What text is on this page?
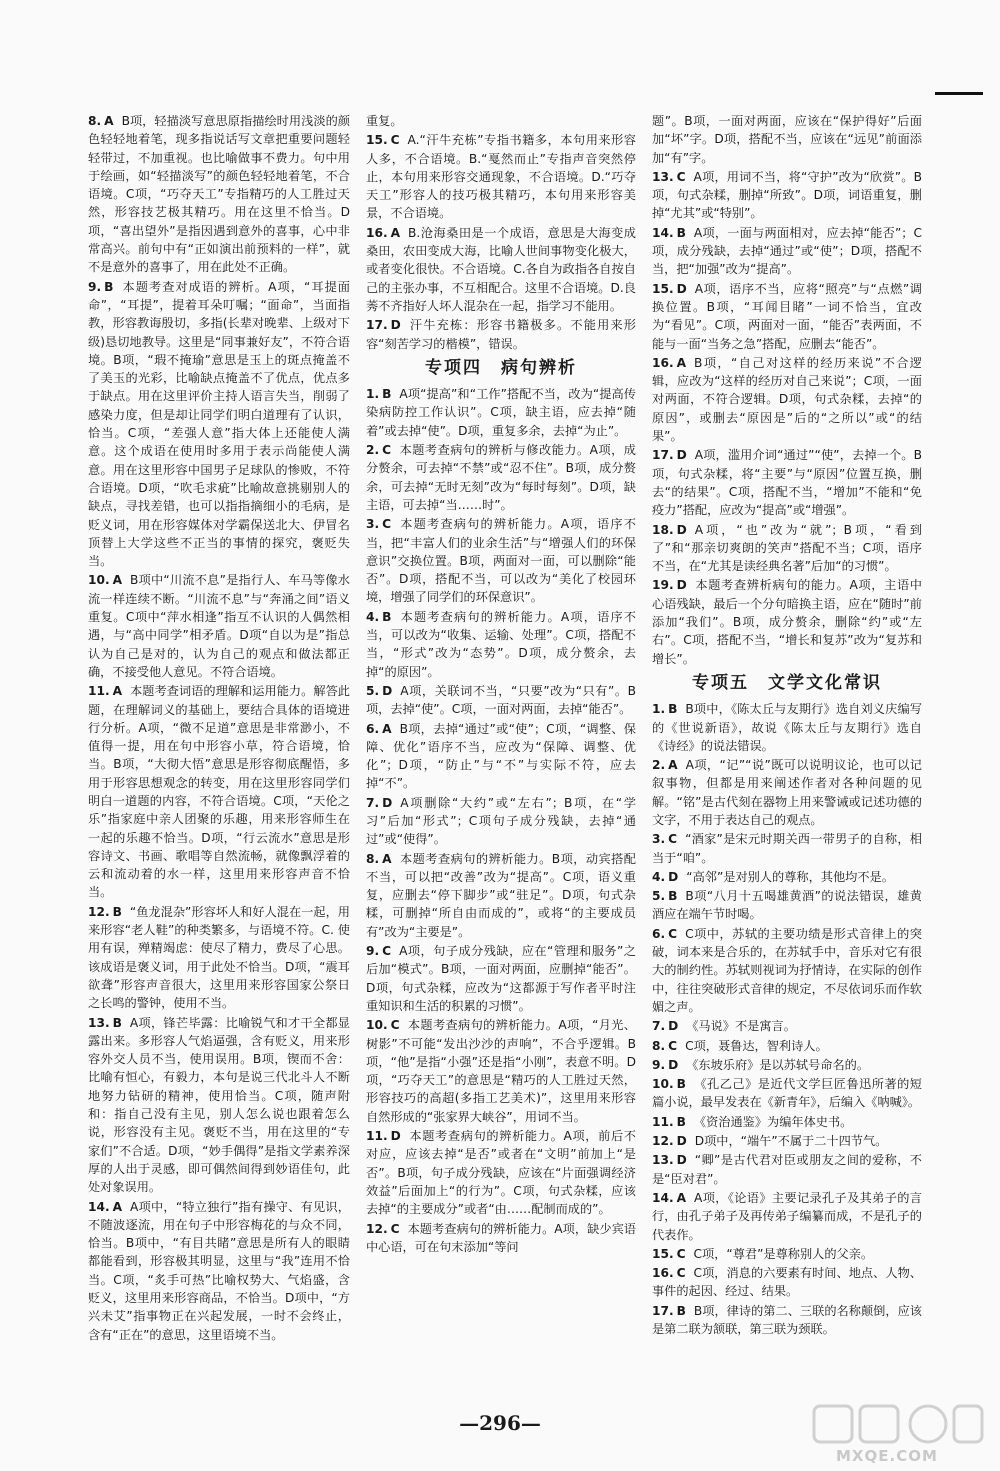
8. A B项，轻描淡写意思原指描绘时用浅淡的颜色轻轻地着笔，现多指说话写文章把重要问题轻轻带过，不加重视。也比喻做事不费力。句中用于绘画，如“轻描淡写”的颜色轻轻地着笔，不合语境。C项，“巧夺天工”专指精巧的人工胜过天然，形容技艺极其精巧。用在这里不恰当。D项，“喜出望外”是指因遇到意外的喜事，心中非常高兴。前句中有“正如演出前预料的一样”，就不是意外的喜事了，用在此处不正确。

9. B 本题考查对成语的辨析。A项，“耳提面命”，“耳提”，提着耳朵叮嘱；“面命”，当面指教，形容教诲殷切，多指(长辈对晚辈、上级对下级)恳切地教导。这里是“同事兼好友”，不符合语境。B项，“瑕不掩瑜”意思是玉上的斑点掩盖不了美玉的光彩，比喻缺点掩盖不了优点，优点多于缺点。用在这里评价主持人语言失当，削弱了感染力度，但是却让同学们明白道理有了认识，恰当。C项，“差强人意”指大体上还能使人满意。这个成语在使用时多用于表示尚能使人满意。用在这里形容中国男子足球队的惨败，不符合语境。D项，“吹毛求疵”比喻故意挑剔别人的缺点，寻找差错，也可以指指摘细小的毛病，是贬义词，用在形容媒体对学霸保送北大、伊冒名顶替上大学这些不正当的事情的探究，褒贬失当。

10. A B项中“川流不息”是指行人、车马等像水流一样连续不断。“川流不息”与“奔涌之间”语义重复。C项中“萍水相逢”指互不认识的人偶然相遇，与“高中同学”相矛盾。D项“自以为是”指总认为自己是对的，认为自己的观点和做法都正确，不接受他人意见。不符合语境。

11. A 本题考查词语的理解和运用能力。解答此题，在理解词义的基础上，要结合具体的语境进行分析。A项，“微不足道”意思是非常渺小，不值得一提，用在句中形容小草，符合语境，恰当。B项，“大彻大悟”意思是形容彻底醒悟，多用于形容思想观念的转变，用在这里形容同学们明白一道题的内容，不符合语境。C项，“天伦之乐”指家庭中亲人团聚的乐趣，用来形容师生在一起的乐趣不恰当。D项，“行云流水”意思是形容诗文、书画、歌唱等自然流畅，就像飘浮着的云和流动着的水一样，这里用来形容声音不恰当。

12. B “鱼龙混杂”形容坏人和好人混在一起，用来形容“老人鞋”的种类繁多，与语境不符。C. 使用有误，殚精竭虑：使尽了精力，费尽了心思。该成语是褒义词，用于此处不恰当。D项，“震耳欲聋”形容声音很大，这里用来形容国家公祭日之长鸣的警钟，使用不当。

13. B A项，锋芒毕露：比喻锐气和才干全都显露出来。多形容人气焰逼强，含有贬义，用来形容外交人员不当，使用误用。B项，锲而不舍：比喻有恒心，有毅力，本句是说三代北斗人不断地努力钻研的精神，使用恰当。C项，随声附和：指自己没有主见，别人怎么说也跟着怎么说，形容没有主见。褒贬不当，用在这里的“专家们”不合适。D项，“妙手偶得”是指文学素养深厚的人出于灵感，即可偶然间得到妙语佳句，此处对象误用。

14. A A项中，“特立独行”指有操守、有见识，不随波逐流，用在句子中形容梅花的与众不同，恰当。B项中，“有目共睹”意思是所有人的眼睛都能看到，形容极其明显，这里与“我”连用不恰当。C项，“炙手可热”比喻权势大、气焰盛，含贬义，这里用来形容商品，不恰当。D项中，“方兴未艾”指事物正在兴起发展，一时不会终止，含有“正在”的意思，这里语境不当。

重复。

15. C A.“汗牛充栋”专指书籍多，本句用来形容人多，不合语境。B.“戛然而止”专指声音突然停止，本句用来形容交通现象，不合语境。D.“巧夺天工”形容人的技巧极其精巧，本句用来形容美景，不合语境。

16. A B.沧海桑田是一个成语，意思是大海变成桑田，农田变成大海，比喻人世间事物变化极大，或者变化很快。不合语境。C.各自为政指各自按自己的主张办事，不互相配合。这里不合语境。D.良莠不齐指好人坏人混杂在一起，指学习不能用。

17. D 汗牛充栋：形容书籍极多。不能用来形容“刻苦学习的楷模”，错误。

专项四　病句辨析

1. B A项“提高”和“工作”搭配不当，改为“提高传染病防控工作认识”。C项，缺主语，应去掉“随着”或去掉“使”。D项，重复多余，去掉“为止”。

2. C 本题考查病句的辨析与修改能力。A项，成分赘余，可去掉“不禁”或“忍不住”。B项，成分赘余，可去掉“无时无刻”改为“每时每刻”。D项，缺主语，可去掉“当……时”。

3. C 本题考查病句的辨析能力。A项，语序不当，把“丰富人们的业余生活”与“增强人们的环保意识”交换位置。B项，两面对一面，可以删除“能否”。D项，搭配不当，可以改为“美化了校园环境，增强了同学们的环保意识”。

4. B 本题考查病句的辨析能力。A项，语序不当，可以改为“收集、运输、处理”。C项，搭配不当，“形式”改为“态势”。D项，成分赘余，去掉“的原因”。

5. D A项，关联词不当，“只要”改为“只有”。B项，去掉“使”。C项，一面对两面，去掉“能否”。

6. A B项，去掉“通过”或“使”；C项，“调整、保障、优化”语序不当，应改为“保障、调整、优化”；D项，“防止”与“不”与实际不符，应去掉“不”。

7. D A项删除“大约”或“左右”；B项，在“学习”后加“形式”；C项句子成分残缺，去掉“通过”或“使得”。

8. A 本题考查病句的辨析能力。B项，动宾搭配不当，可以把“改善”改为“提高”。C项，语义重复，应删去“停下脚步”或“驻足”。D项，句式杂糅，可删掉“所自由而成的”，或将“的主要成员有”改为“主要是”。

9. C A项，句子成分残缺，应在“管理和服务”之后加“模式”。B项，一面对两面，应删掉“能否”。D项，句式杂糅，应改为“这都源于写作者平时注重知识和生活的积累的习惯”。

10. C 本题考查病句的辨析能力。A项，“月光、树影”不可能“发出沙沙的声响”，不合乎逻辑。B项，“他”是指“小强”还是指“小刚”，表意不明。D项，“巧夺天工”的意思是“精巧的人工胜过天然，形容技巧的高超(多指工艺美术)”，这里用来形容自然形成的“张家界大峡谷”，用词不当。

11. D 本题考查病句的辨析能力。A项，前后不对应，应该去掉“是否”或者在“文明”前加上“是否”。B项，句子成分残缺，应该在“片面强调经济效益”后面加上“的行为”。C项，句式杂糅，应该去掉“的主要成分”或者“由……配制而成的”。

12. C 本题考查病句的辨析能力。A项，缺少宾语中心语，可在句末添加“等问

题”。B项，一面对两面，应该在“保护得好”后面加“坏”字。D项，搭配不当，应该在“远见”前面添加“有”字。

13. C A项，用词不当，将“守护”改为“欣赏”。B项，句式杂糅，删掉“所致”。D项，词语重复，删掉“尤其”或“特别”。

14. B A项，一面与两面相对，应去掉“能否”；C项，成分残缺，去掉“通过”或“使”；D项，搭配不当，把“加强”改为“提高”。

15. D A项，语序不当，应将“照亮”与“点燃”调换位置。B项，“耳闻目睹”一词不恰当，宜改为“看见”。C项，两面对一面，“能否”表两面，不能与一面“当务之急”搭配，应删去“能否”。

16. A B项，“自己对这样的经历来说”不合逻辑，应改为“这样的经历对自己来说”；C项，一面对两面，不符合逻辑。D项，句式杂糅，去掉“的原因”，或删去“原因是”后的“之所以”或“的结果”。

17. D A项，滥用介词“通过”“使”，去掉一个。B项，句式杂糅，将“主要”与“原因”位置互换，删去“的结果”。C项，搭配不当，“增加”不能和“免疫力”搭配，应改为“提高”或“增强”。

18. D A项，“也”改为“就”；B项，“看到了”和“那亲切爽朗的笑声”搭配不当；C项，语序不当，在“尤其是读经典名著”后加“的习惯”。

19. D 本题考查辨析病句的能力。A项，主语中心语残缺，最后一个分句暗换主语，应在“随时”前添加“我们”。B项，成分赘余，删除“约”或“左右”。C项，搭配不当，“增长和复苏”改为“复苏和增长”。

专项五　文学文化常识

1. B B项中，《陈太丘与友期行》选自刘义庆编写的《世说新语》，故说《陈太丘与友期行》选自《诗经》的说法错误。

2. A A项，“记”“说”既可以说明议论，也可以记叙事物，但都是用来阐述作者对各种问题的见解。“铭”是古代刻在器物上用来警诫或记述功德的文字，不用于表达自己的观点。

3. C “酒家”是宋元时期关西一带男子的自称，相当于“咱”。

4. D “高邻”是对别人的尊称，其他均不是。

5. B B项“八月十五喝雄黄酒”的说法错误，雄黄酒应在端午节时喝。

6. C C项中，苏轼的主要功绩是形式音律上的突破，词本来是合乐的，在苏轼手中，音乐对它有很大的制约性。苏轼则视词为抒情诗，在实际的创作中，往往突破形式音律的规定，不尽依词乐而作软媚之声。

7. D 《马说》不是寓言。

8. C C项，聂鲁达，智利诗人。

9. D 《东坡乐府》是以苏轼号命名的。

10. B 《孔乙己》是近代文学巨匠鲁迅所著的短篇小说，最早发表在《新青年》，后编入《呐喊》。

11. B 《资治通鉴》为编年体史书。

12. D D项中，“端午”不属于二十四节气。

13. D “卿”是古代君对臣或朋友之间的爱称，不是“臣对君”。

14. A A项，《论语》主要记录孔子及其弟子的言行，由孔子弟子及再传弟子编纂而成，不是孔子的代表作。

15. C C项，“尊君”是尊称别人的父亲。

16. C C项，消息的六要素有时间、地点、人物、事件的起因、经过、结果。

17. B B项，律诗的第二、三联的名称颠倒，应该是第二联为颔联，第三联为颈联。

—296—
MXQE.COM
